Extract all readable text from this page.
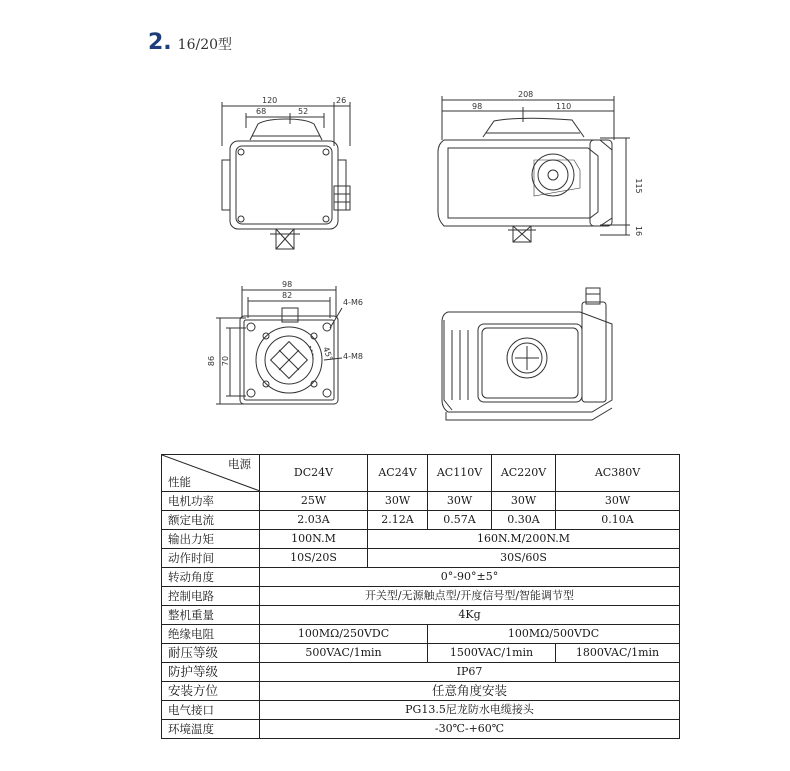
2. 16/20型
120	26
68	52
208
98	110
115
16
98
82
4-M6
45° 4-M8
86 70
电源
性能	DC24V	AC24V	AC110V	AC220V	AC380V
电机功率	25W	30W	30W	30W	30W
额定电流	2.03A	2.12A	0.57A	0.30A	0.10A
输出力矩	100N.M	160N.M/200N.M			
动作时间	10S/20S	30S/60S			
转动角度	0°-90°±5°				
控制电路	开关型/无源触点型/开度信号型/智能调节型				
整机重量	4Kg				
绝缘电阻	100MΩ/250VDC		100MΩ/500VDC		
耐压等级	500VAC/1min		1500VAC/1min		1800VAC/1min
防护等级	IP67				
安装方位	任意角度安装				
电气接口	PG13.5尼龙防水电缆接头				
环境温度	-30℃-+60℃				
